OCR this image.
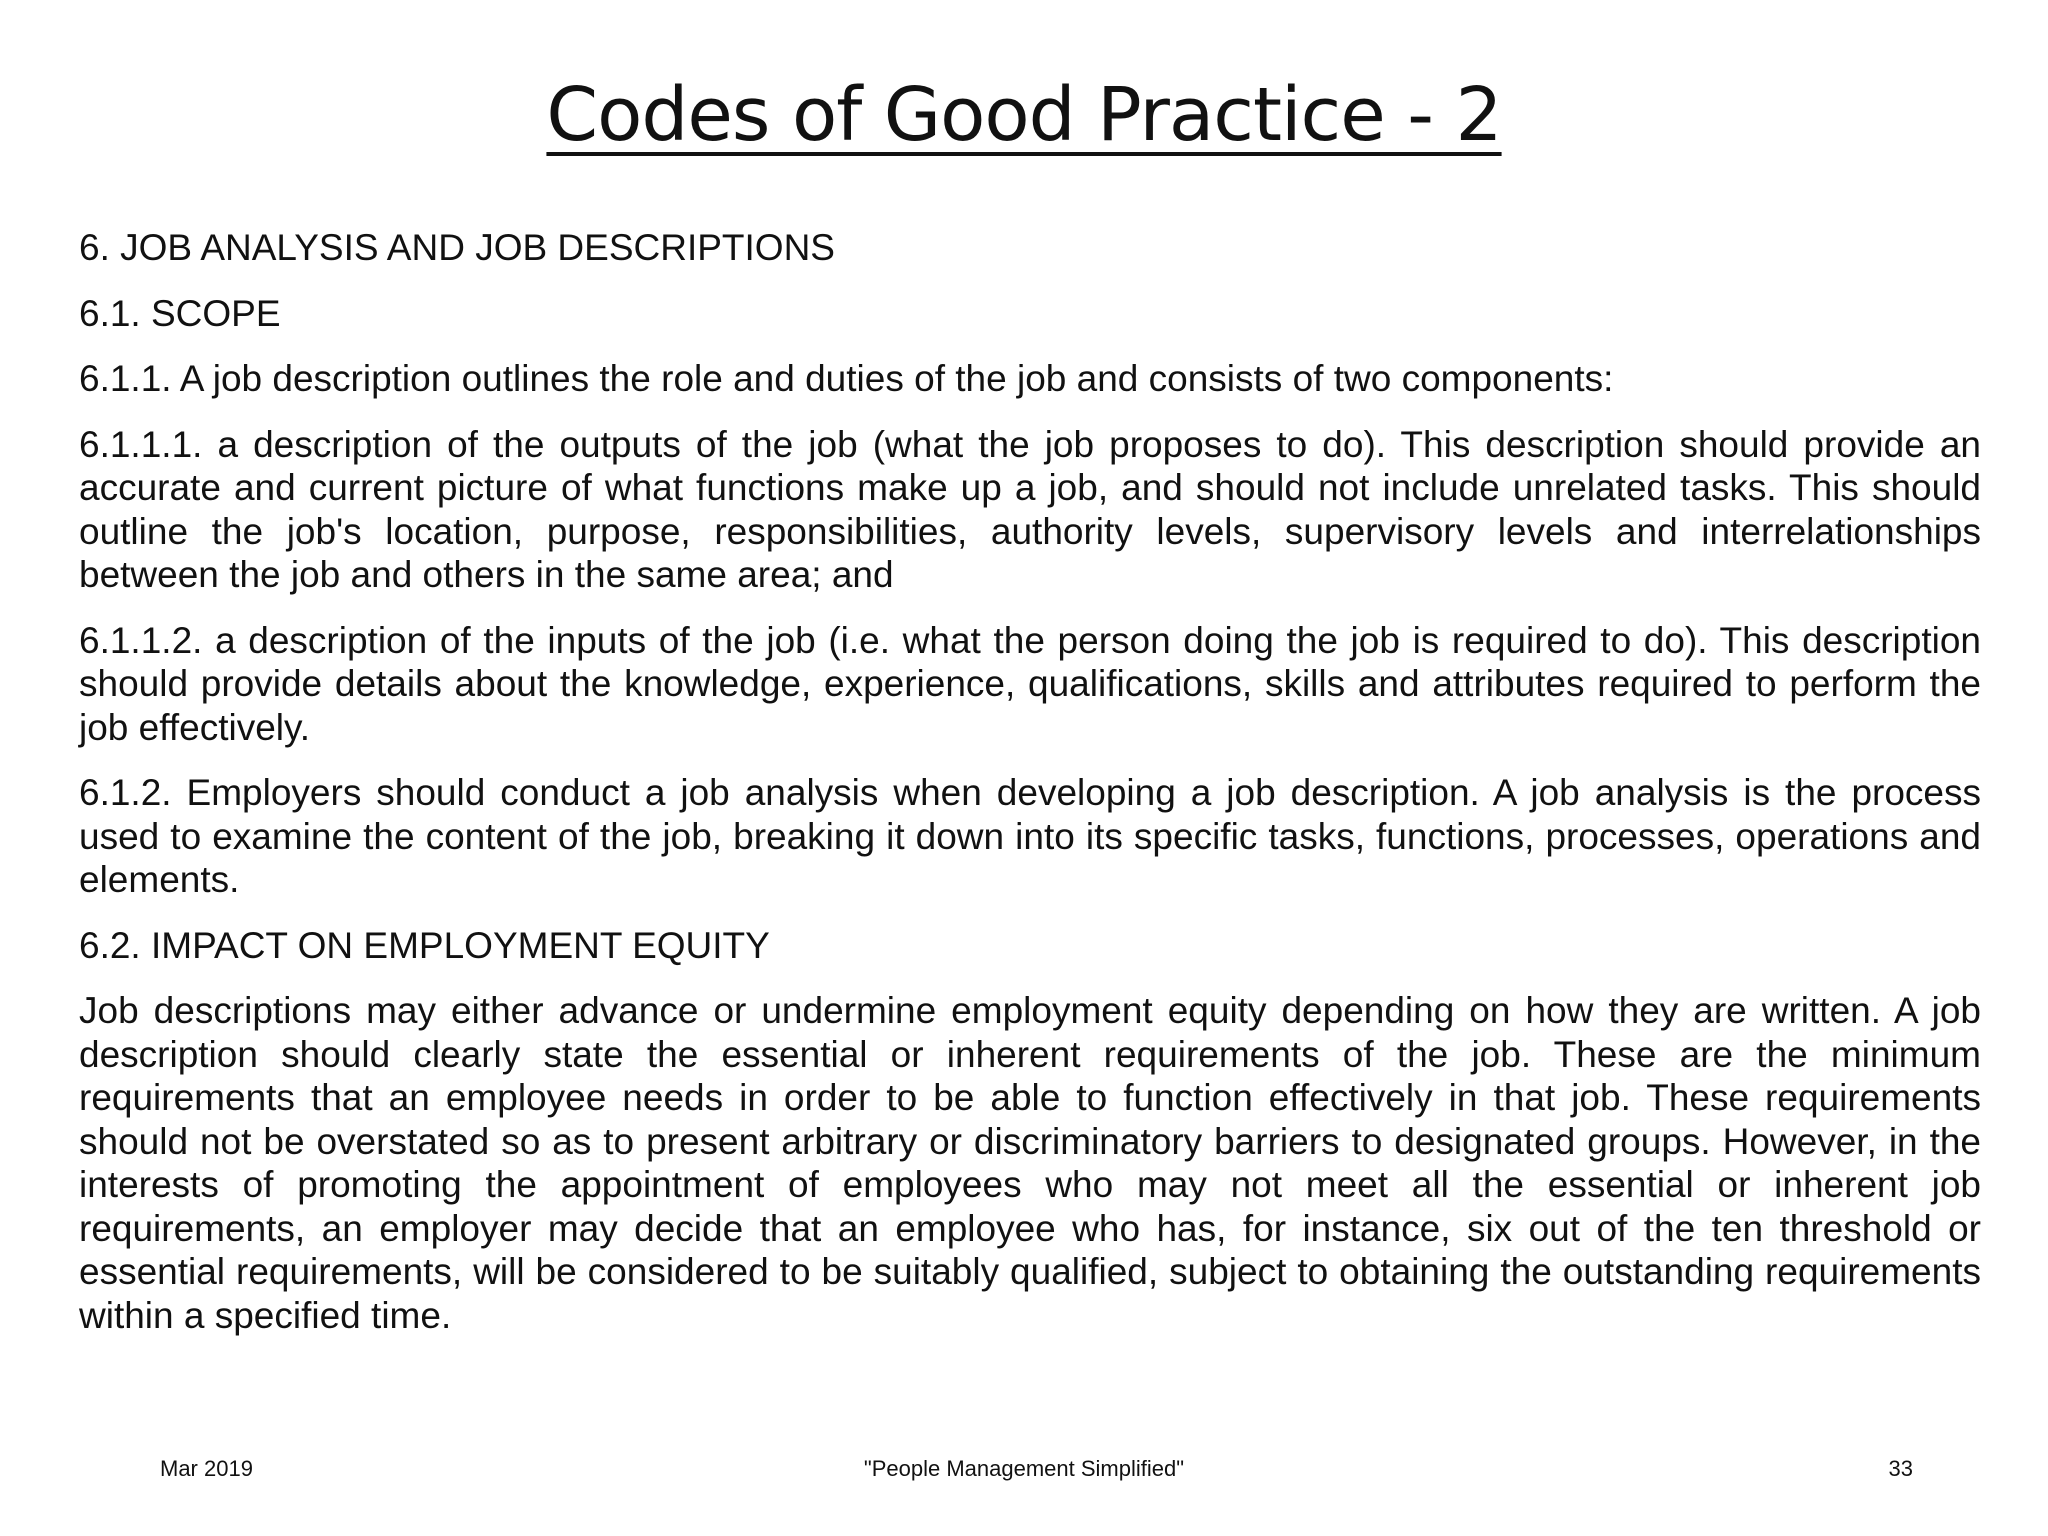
Codes of Good Practice - 2

6. JOB ANALYSIS AND JOB DESCRIPTIONS

6.1. SCOPE

6.1.1. A job description outlines the role and duties of the job and consists of two components:

6.1.1.1. a description of the outputs of the job (what the job proposes to do). This description should provide an accurate and current picture of what functions make up a job, and should not include unrelated tasks. This should outline the job's location, purpose, responsibilities, authority levels, supervisory levels and interrelationships between the job and others in the same area; and

6.1.1.2. a description of the inputs of the job (i.e. what the person doing the job is required to do). This description should provide details about the knowledge, experience, qualifications, skills and attributes required to perform the job effectively.

6.1.2. Employers should conduct a job analysis when developing a job description. A job analysis is the process used to examine the content of the job, breaking it down into its specific tasks, functions, processes, operations and elements.

6.2. IMPACT ON EMPLOYMENT EQUITY

Job descriptions may either advance or undermine employment equity depending on how they are written. A job description should clearly state the essential or inherent requirements of the job. These are the minimum requirements that an employee needs in order to be able to function effectively in that job. These requirements should not be overstated so as to present arbitrary or discriminatory barriers to designated groups. However, in the interests of promoting the appointment of employees who may not meet all the essential or inherent job requirements, an employer may decide that an employee who has, for instance, six out of the ten threshold or essential requirements, will be considered to be suitably qualified, subject to obtaining the outstanding requirements within a specified time.

Mar 2019	"People Management Simplified"	33
